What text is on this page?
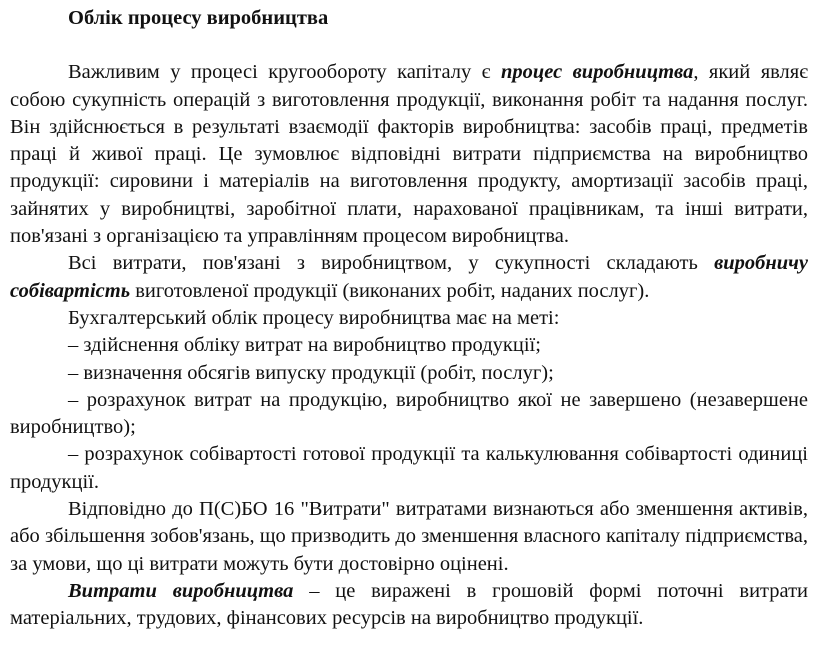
Облік процесу виробництва

Важливим у процесі кругообороту капіталу є процес виробництва, який являє собою сукупність операцій з виготовлення продукції, виконання робіт та надання послуг. Він здійснюється в результаті взаємодії факторів виробництва: засобів праці, предметів праці й живої праці. Це зумовлює відповідні витрати підприємства на виробництво продукції: сировини і матеріалів на виготовлення продукту, амортизації засобів праці, зайнятих у виробництві, заробітної плати, нарахованої працівникам, та інші витрати, пов'язані з організацією та управлінням процесом виробництва.

Всі витрати, пов'язані з виробництвом, у сукупності складають виробничу собівартість виготовленої продукції (виконаних робіт, наданих послуг).

Бухгалтерський облік процесу виробництва має на меті:

– здійснення обліку витрат на виробництво продукції;

– визначення обсягів випуску продукції (робіт, послуг);

– розрахунок витрат на продукцію, виробництво якої не завершено (незавершене виробництво);

– розрахунок собівартості готової продукції та калькулювання собівартості одиниці продукції.

Відповідно до П(С)БО 16 "Витрати" витратами визнаються або зменшення активів, або збільшення зобов'язань, що призводить до зменшення власного капіталу підприємства, за умови, що ці витрати можуть бути достовірно оцінені.

Витрати виробництва – це виражені в грошовій формі поточні витрати матеріальних, трудових, фінансових ресурсів на виробництво продукції.
